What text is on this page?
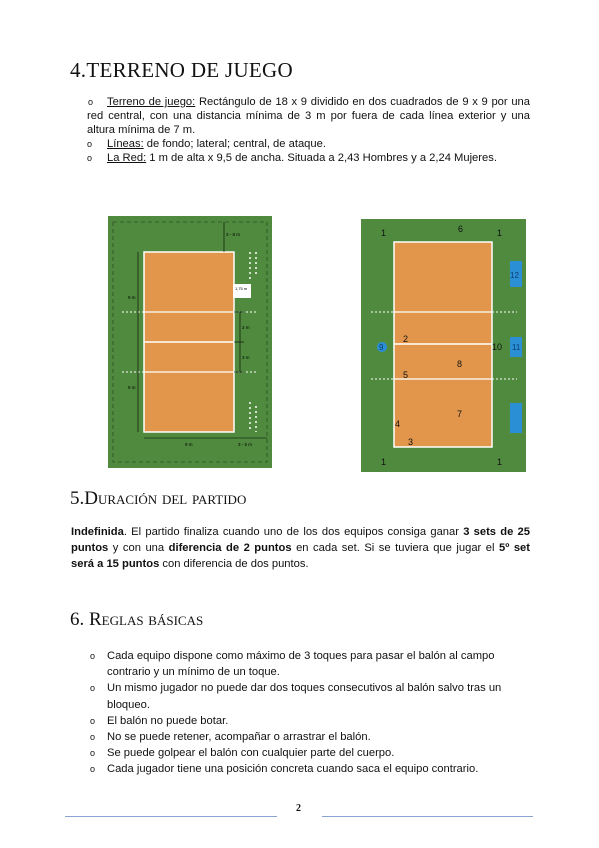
4.TERRENO DE JUEGO
o Terreno de juego: Rectángulo de 18 x 9 dividido en dos cuadrados de 9 x 9 por una red central, con una distancia mínima de 3 m por fuera de cada línea exterior y una altura mínima de 7 m.
o Líneas: de fondo; lateral; central, de ataque.
o La Red: 1 m de alta x 9,5 de ancha. Situada a 2,43 Hombres y a 2,24 Mujeres.
3 - 8 m
1,75 m
9 m
9 m
3 m
3 m
9 m	3 - 5 m
1	6	1
12
9	10 11
2
8
5
7
4
3
1	1
5.Duración del partido

Indefinida. El partido finaliza cuando uno de los dos equipos consiga ganar 3 sets de 25 puntos y con una diferencia de 2 puntos en cada set. Si se tuviera que jugar el 5º set será a 15 puntos con diferencia de dos puntos.

6. Reglas básicas
o Cada equipo dispone como máximo de 3 toques para pasar el balón al campo contrario y un mínimo de un toque.
o Un mismo jugador no puede dar dos toques consecutivos al balón salvo tras un bloqueo.
o El balón no puede botar.
o No se puede retener, acompañar o arrastrar el balón.
o Se puede golpear el balón con cualquier parte del cuerpo.
o Cada jugador tiene una posición concreta cuando saca el equipo contrario.
2
